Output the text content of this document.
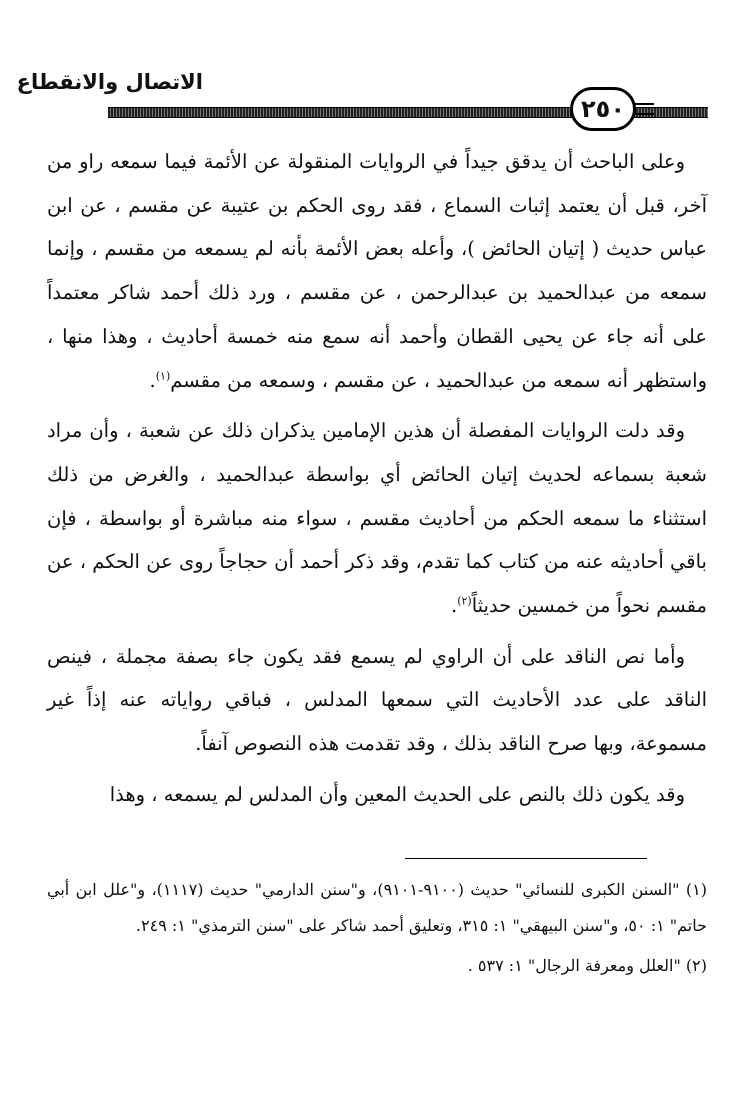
الاتصال والانقطاع
٢٥٠

وعلى الباحث أن يدقق جيداً في الروايات المنقولة عن الأئمة فيما سمعه راو من آخر، قبل أن يعتمد إثبات السماع ، فقد روى الحكم بن عتيبة عن مقسم ، عن ابن عباس حديث ( إتيان الحائض )، وأعله بعض الأئمة بأنه لم يسمعه من مقسم ، وإنما سمعه من عبدالحميد بن عبدالرحمن ، عن مقسم ، ورد ذلك أحمد شاكر معتمداً على أنه جاء عن يحيى القطان وأحمد أنه سمع منه خمسة أحاديث ، وهذا منها ، واستظهر أنه سمعه من عبدالحميد ، عن مقسم ، وسمعه من مقسم$^{(١)}$.

وقد دلت الروايات المفصلة أن هذين الإمامين يذكران ذلك عن شعبة ، وأن مراد شعبة بسماعه لحديث إتيان الحائض أي بواسطة عبدالحميد ، والغرض من ذلك استثناء ما سمعه الحكم من أحاديث مقسم ، سواء منه مباشرة أو بواسطة ، فإن باقي أحاديثه عنه من كتاب كما تقدم، وقد ذكر أحمد أن حجاجاً روى عن الحكم ، عن مقسم نحواً من خمسين حديثاً$^{(٢)}$.

وأما نص الناقد على أن الراوي لم يسمع فقد يكون جاء بصفة مجملة ، فينص الناقد على عدد الأحاديث التي سمعها المدلس ، فباقي رواياته عنه إذاً غير مسموعة، وبها صرح الناقد بذلك ، وقد تقدمت هذه النصوص آنفاً.

وقد يكون ذلك بالنص على الحديث المعين وأن المدلس لم يسمعه ، وهذا

(١) "السنن الكبرى للنسائي" حديث (٩١٠٠-٩١٠١)، و"سنن الدارمي" حديث (١١١٧)، و"علل ابن أبي حاتم" ١: ٥٠، و"سنن البيهقي" ١: ٣١٥، وتعليق أحمد شاكر على "سنن الترمذي" ١: ٢٤٩.

(٢) "العلل ومعرفة الرجال" ١: ٥٣٧ .
